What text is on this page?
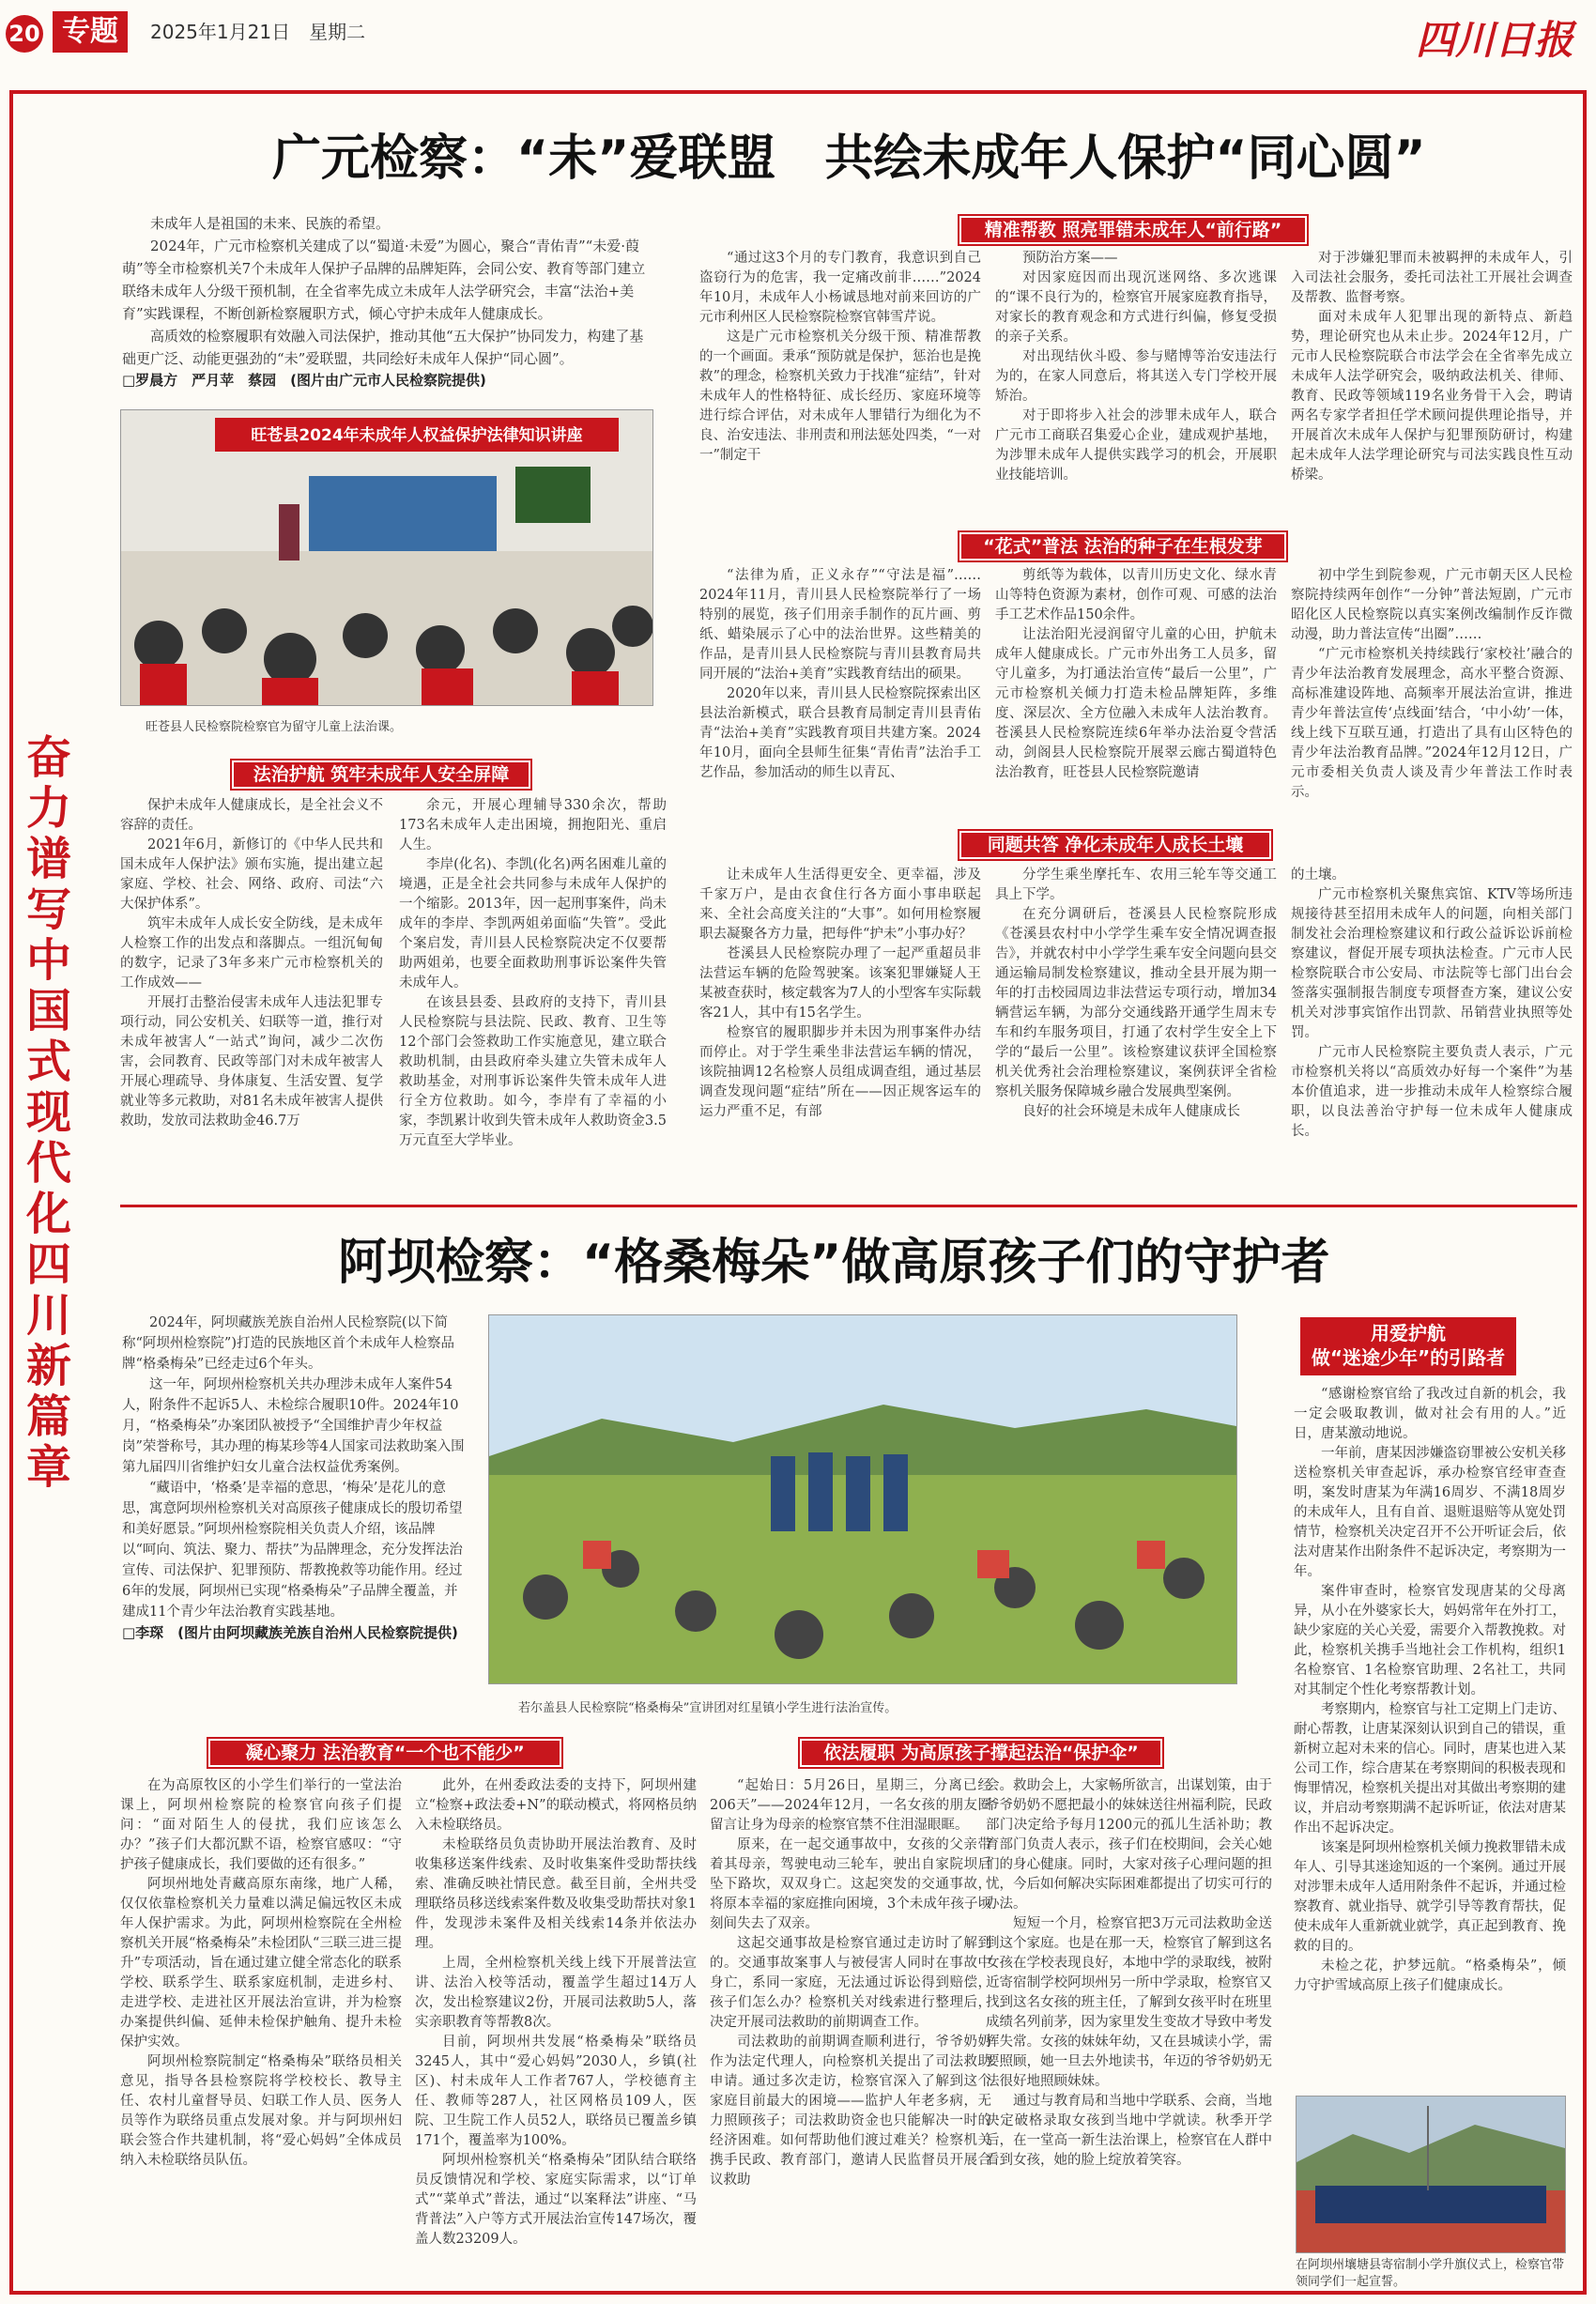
20 专题	2025年1月21日　星期二	四川日报
奋力谱写中国式现代化四川新篇章
广元检察：“未”爱联盟　共绘未成年人保护“同心圆”
未成年人是祖国的未来、民族的希望。
2024年，广元市检察机关建成了以“蜀道·未爱”为圆心，聚合“青佑青”“未爱·葭萌”等全市检察机关7个未成年人保护子品牌的品牌矩阵，会同公安、教育等部门建立联络未成年人分级干预机制，在全省率先成立未成年人法学研究会，丰富“法治+美育”实践课程，不断创新检察履职方式，倾心守护未成年人健康成长。
高质效的检察履职有效融入司法保护，推动其他“五大保护”协同发力，构建了基础更广泛、动能更强劲的“未”爱联盟，共同绘好未成年人保护“同心圆”。
□罗晨方　严月苹　蔡园　(图片由广元市人民检察院提供)
旺苍县2024年未成年人权益保护法律知识讲座
旺苍县人民检察院检察官为留守儿童上法治课。
精准帮教 照亮罪错未成年人“前行路”
法治护航 筑牢未成年人安全屏障
“花式”普法 法治的种子在生根发芽
同题共答 净化未成年人成长土壤

“通过这3个月的专门教育，我意识到自己盗窃行为的危害，我一定痛改前非……”2024年10月，未成年人小杨诚恳地对前来回访的广元市利州区人民检察院检察官韩雪芹说。

这是广元市检察机关分级干预、精准帮教的一个画面。秉承“预防就是保护，惩治也是挽救”的理念，检察机关致力于找准“症结”，针对未成年人的性格特征、成长经历、家庭环境等进行综合评估，对未成年人罪错行为细化为不良、治安违法、非刑责和刑法惩处四类，“一对一”制定干

预防治方案——

对因家庭因而出现沉迷网络、多次逃课的“课不良行为的，检察官开展家庭教育指导，对家长的教育观念和方式进行纠偏，修复受损的亲子关系。

对出现结伙斗殴、参与赌博等治安违法行为的，在家人同意后，将其送入专门学校开展矫治。

对于即将步入社会的涉罪未成年人，联合广元市工商联召集爱心企业，建成观护基地，为涉罪未成年人提供实践学习的机会，开展职业技能培训。

对于涉嫌犯罪而未被羁押的未成年人，引入司法社会服务，委托司法社工开展社会调查及帮教、监督考察。

面对未成年人犯罪出现的新特点、新趋势，理论研究也从未止步。2024年12月，广元市人民检察院联合市法学会在全省率先成立未成年人法学研究会，吸纳政法机关、律师、教育、民政等领域119名业务骨干入会，聘请两名专家学者担任学术顾问提供理论指导，并开展首次未成年人保护与犯罪预防研讨，构建起未成年人法学理论研究与司法实践良性互动桥梁。

“法律为盾，正义永存”“守法是福”……2024年11月，青川县人民检察院举行了一场特别的展览，孩子们用亲手制作的瓦片画、剪纸、蜡染展示了心中的法治世界。这些精美的作品，是青川县人民检察院与青川县教育局共同开展的“法治+美育”实践教育结出的硕果。

2020年以来，青川县人民检察院探索出区县法治新模式，联合县教育局制定青川县青佑青“法治+美育”实践教育项目共建方案。2024年10月，面向全县师生征集“青佑青”法治手工艺作品，参加活动的师生以青瓦、

剪纸等为载体，以青川历史文化、绿水青山等特色资源为素材，创作可观、可感的法治手工艺术作品150余件。

让法治阳光浸润留守儿童的心田，护航未成年人健康成长。广元市外出务工人员多，留守儿童多，为打通法治宣传“最后一公里”，广元市检察机关倾力打造未检品牌矩阵，多维度、深层次、全方位融入未成年人法治教育。苍溪县人民检察院连续6年举办法治夏令营活动，剑阁县人民检察院开展翠云廊古蜀道特色法治教育，旺苍县人民检察院邀请

初中学生到院参观，广元市朝天区人民检察院持续两年创作“一分钟”普法短剧，广元市昭化区人民检察院以真实案例改编制作反诈微动漫，助力普法宣传“出圈”……

“广元市检察机关持续践行‘家校社’融合的青少年法治教育发展理念，高水平整合资源、高标准建设阵地、高频率开展法治宣讲，推进青少年普法宣传‘点线面’结合，‘中小幼’一体，线上线下互联互通，打造出了具有山区特色的青少年法治教育品牌。”2024年12月12日，广元市委相关负责人谈及青少年普法工作时表示。

保护未成年人健康成长，是全社会义不容辞的责任。

2021年6月，新修订的《中华人民共和国未成年人保护法》颁布实施，提出建立起家庭、学校、社会、网络、政府、司法“六大保护体系”。

筑牢未成年人成长安全防线，是未成年人检察工作的出发点和落脚点。一组沉甸甸的数字，记录了3年多来广元市检察机关的工作成效——

开展打击整治侵害未成年人违法犯罪专项行动，同公安机关、妇联等一道，推行对未成年被害人“一站式”询问，减少二次伤害，会同教育、民政等部门对未成年被害人开展心理疏导、身体康复、生活安置、复学就业等多元救助，对81名未成年被害人提供救助，发放司法救助金46.7万

余元，开展心理辅导330余次，帮助173名未成年人走出困境，拥抱阳光、重启人生。

李岸(化名)、李凯(化名)两名困难儿童的境遇，正是全社会共同参与未成年人保护的一个缩影。2013年，因一起刑事案件，尚未成年的李岸、李凯两姐弟面临“失管”。受此个案启发，青川县人民检察院决定不仅要帮助两姐弟，也要全面救助刑事诉讼案件失管未成年人。

在该县县委、县政府的支持下，青川县人民检察院与县法院、民政、教育、卫生等12个部门会签救助工作实施意见，建立联合救助机制，由县政府牵头建立失管未成年人救助基金，对刑事诉讼案件失管未成年人进行全方位救助。如今，李岸有了幸福的小家，李凯累计收到失管未成年人救助资金3.5万元直至大学毕业。

让未成年人生活得更安全、更幸福，涉及千家万户，是由衣食住行各方面小事串联起来、全社会高度关注的“大事”。如何用检察履职去凝聚各方力量，把每件“护未”小事办好？

苍溪县人民检察院办理了一起严重超员非法营运车辆的危险驾驶案。该案犯罪嫌疑人王某被查获时，核定载客为7人的小型客车实际载客21人，其中有15名学生。

检察官的履职脚步并未因为刑事案件办结而停止。对于学生乘坐非法营运车辆的情况，该院抽调12名检察人员组成调查组，通过基层调查发现问题“症结”所在——因正规客运车的运力严重不足，有部

分学生乘坐摩托车、农用三轮车等交通工具上下学。

在充分调研后，苍溪县人民检察院形成《苍溪县农村中小学学生乘车安全情况调查报告》，并就农村中小学学生乘车安全问题向县交通运输局制发检察建议，推动全县开展为期一年的打击校园周边非法营运专项行动，增加34辆营运车辆，为部分交通线路开通学生周末专车和约车服务项目，打通了农村学生安全上下学的“最后一公里”。该检察建议获评全国检察机关优秀社会治理检察建议，案例获评全省检察机关服务保障城乡融合发展典型案例。

良好的社会环境是未成年人健康成长

的土壤。

广元市检察机关聚焦宾馆、KTV等场所违规接待甚至招用未成年人的问题，向相关部门制发社会治理检察建议和行政公益诉讼诉前检察建议，督促开展专项执法检查。广元市人民检察院联合市公安局、市法院等七部门出台会签落实强制报告制度专项督查方案，建议公安机关对涉事宾馆作出罚款、吊销营业执照等处罚。

广元市人民检察院主要负责人表示，广元市检察机关将以“高质效办好每一个案件”为基本价值追求，进一步推动未成年人检察综合履职，以良法善治守护每一位未成年人健康成长。

阿坝检察：“格桑梅朵”做高原孩子们的守护者
2024年，阿坝藏族羌族自治州人民检察院(以下简称“阿坝州检察院”)打造的民族地区首个未成年人检察品牌“格桑梅朵”已经走过6个年头。
这一年，阿坝州检察机关共办理涉未成年人案件54人，附条件不起诉5人、未检综合履职10件。2024年10月，“格桑梅朵”办案团队被授予“全国维护青少年权益岗”荣誉称号，其办理的梅某珍等4人国家司法救助案入围第九届四川省维护妇女儿童合法权益优秀案例。
“藏语中，‘格桑’是幸福的意思，‘梅朵’是花儿的意思，寓意阿坝州检察机关对高原孩子健康成长的殷切希望和美好愿景。”阿坝州检察院相关负责人介绍，该品牌以“呵向、筑法、聚力、帮扶”为品牌理念，充分发挥法治宣传、司法保护、犯罪预防、帮教挽救等功能作用。经过6年的发展，阿坝州已实现“格桑梅朵”子品牌全覆盖，并建成11个青少年法治教育实践基地。
□李琛　(图片由阿坝藏族羌族自治州人民检察院提供)
若尔盖县人民检察院“格桑梅朵”宣讲团对红星镇小学生进行法治宣传。
用爱护航
做“迷途少年”的引路者

“感谢检察官给了我改过自新的机会，我一定会吸取教训，做对社会有用的人。”近日，唐某激动地说。

一年前，唐某因涉嫌盗窃罪被公安机关移送检察机关审查起诉，承办检察官经审查查明，案发时唐某为年满16周岁、不满18周岁的未成年人，且有自首、退赃退赔等从宽处罚情节，检察机关决定召开不公开听证会后，依法对唐某作出附条件不起诉决定，考察期为一年。

案件审查时，检察官发现唐某的父母离异，从小在外婆家长大，妈妈常年在外打工，缺少家庭的关心关爱，需要介入帮教挽救。对此，检察机关携手当地社会工作机构，组织1名检察官、1名检察官助理、2名社工，共同对其制定个性化考察帮教计划。

考察期内，检察官与社工定期上门走访、耐心帮教，让唐某深刻认识到自己的错误，重新树立起对未来的信心。同时，唐某也进入某公司工作，综合唐某在考察期间的积极表现和悔罪情况，检察机关提出对其做出考察期的建议，并启动考察期满不起诉听证，依法对唐某作出不起诉决定。

该案是阿坝州检察机关倾力挽救罪错未成年人、引导其迷途知返的一个案例。通过开展对涉罪未成年人适用附条件不起诉，并通过检察教育、就业指导、就学引导等教育帮扶，促使未成年人重新就业就学，真正起到教育、挽救的目的。

未检之花，护梦远航。“格桑梅朵”，倾力守护雪域高原上孩子们健康成长。

在阿坝州壤塘县寄宿制小学升旗仪式上，检察官带领同学们一起宣誓。
凝心聚力 法治教育“一个也不能少”	依法履职 为高原孩子撑起法治“保护伞”

在为高原牧区的小学生们举行的一堂法治课上，阿坝州检察院的检察官向孩子们提问：“面对陌生人的侵扰，我们应该怎么办？”孩子们大都沉默不语，检察官感叹：“守护孩子健康成长，我们要做的还有很多。”

阿坝州地处青藏高原东南缘，地广人稀，仅仅依靠检察机关力量难以满足偏远牧区未成年人保护需求。为此，阿坝州检察院在全州检察机关开展“格桑梅朵”未检团队“三联三进三提升”专项活动，旨在通过建立健全常态化的联系学校、联系学生、联系家庭机制，走进乡村、走进学校、走进社区开展法治宣讲，并为检察办案提供纠偏、延伸未检保护触角、提升未检保护实效。

阿坝州检察院制定“格桑梅朵”联络员相关意见，指导各县检察院将学校校长、教导主任、农村儿童督导员、妇联工作人员、医务人员等作为联络员重点发展对象。并与阿坝州妇联会签合作共建机制，将“爱心妈妈”全体成员纳入未检联络员队伍。

此外，在州委政法委的支持下，阿坝州建立“检察+政法委+N”的联动模式，将网格员纳入未检联络员。

未检联络员负责协助开展法治教育、及时收集移送案件线索、及时收集案件受助帮扶线索、准确反映社情民意。截至目前，全州共受理联络员移送线索案件数及收集受助帮扶对象1件，发现涉未案件及相关线索14条并依法办理。

上周，全州检察机关线上线下开展普法宣讲、法治入校等活动，覆盖学生超过14万人次，发出检察建议2份，开展司法救助5人，落实亲职教育等帮教8次。

目前，阿坝州共发展“格桑梅朵”联络员3245人，其中“爱心妈妈”2030人，乡镇(社区)、村未成年人工作者767人，学校德育主任、教师等287人，社区网格员109人，医院、卫生院工作人员52人，联络员已覆盖乡镇171个，覆盖率为100%。

阿坝州检察机关“格桑梅朵”团队结合联络员反馈情况和学校、家庭实际需求，以“订单式”“菜单式”普法，通过“以案释法”讲座、“马背普法”入户等方式开展法治宣传147场次，覆盖人数23209人。

“起始日：5月26日，星期三，分离已经206天”——2024年12月，一名女孩的朋友圈留言让身为母亲的检察官禁不住泪湿眼眶。

原来，在一起交通事故中，女孩的父亲带着其母亲，驾驶电动三轮车，驶出自家院坝后坠下路坎，双双身亡。这起突发的交通事故，将原本幸福的家庭推向困境，3个未成年孩子顷刻间失去了双亲。

这起交通事故是检察官通过走访时了解到的。交通事故案事人与被侵害人同时在事故中身亡，系同一家庭，无法通过诉讼得到赔偿，孩子们怎么办？检察机关对线索进行整理后，决定开展司法救助的前期调查工作。

司法救助的前期调查顺利进行，爷爷奶奶作为法定代理人，向检察机关提出了司法救助申请。通过多次走访，检察官深入了解到这个家庭目前最大的困境——监护人年老多病，无力照顾孩子；司法救助资金也只能解决一时的经济困难。如何帮助他们渡过难关？检察机关携手民政、教育部门，邀请人民监督员开展合议救助

会。救助会上，大家畅所欲言，出谋划策，由于爷爷奶奶不愿把最小的妹妹送往州福利院，民政部门决定给予每月1200元的孤儿生活补助；教育部门负责人表示，孩子们在校期间，会关心她们的身心健康。同时，大家对孩子心理问题的担忧，今后如何解决实际困难都提出了切实可行的办法。

短短一个月，检察官把3万元司法救助金送到这个家庭。也是在那一天，检察官了解到这名女孩在学校表现良好，本地中学的录取线，被附近寄宿制学校阿坝州另一所中学录取，检察官又找到这名女孩的班主任，了解到女孩平时在班里成绩名列前茅，因为家里发生变故才导致中考发挥失常。女孩的妹妹年幼，又在县城读小学，需要照顾，她一旦去外地读书，年迈的爷爷奶奶无法很好地照顾妹妹。

通过与教育局和当地中学联系、会商，当地决定破格录取女孩到当地中学就读。秋季开学后，在一堂高一新生法治课上，检察官在人群中看到女孩，她的脸上绽放着笑容。
